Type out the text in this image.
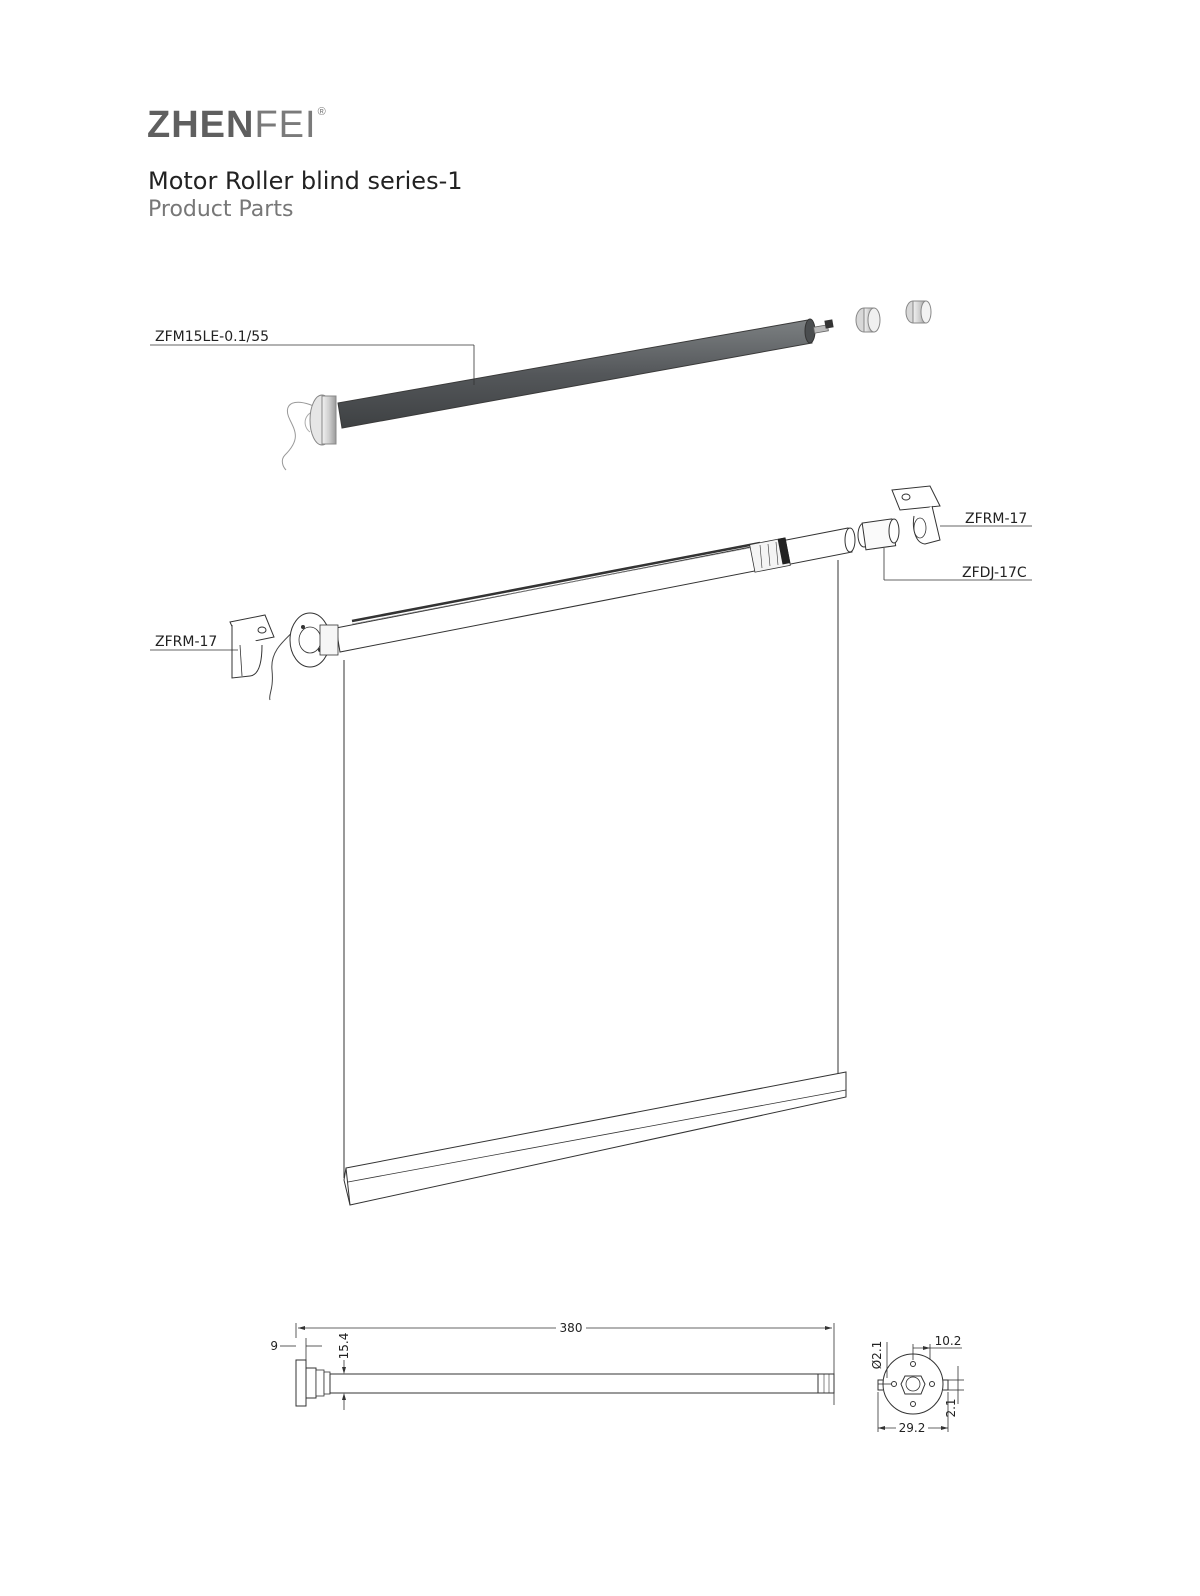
ZHENFEI®
Motor Roller blind series-1
Product Parts
ZFM15LE-0.1/55
ZFRM-17
ZFDJ-17C
ZFRM-17
380
9	15.4	Ø2.1	10.2
2.1
29.2
